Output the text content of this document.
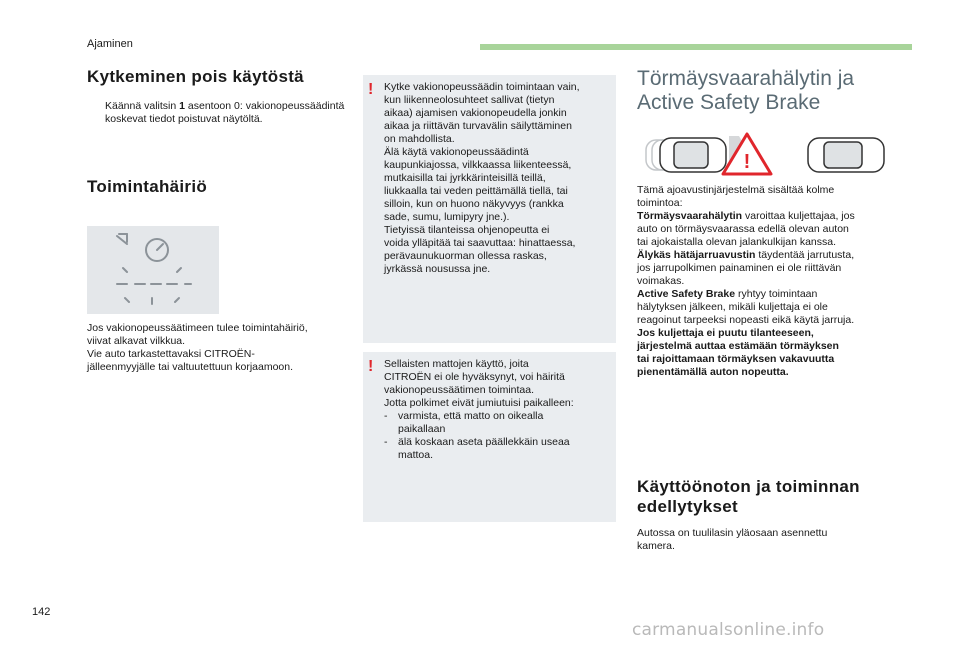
Ajaminen
Kytkeminen pois käytöstä
Käännä valitsin 1 asentoon 0: vakionopeussäädintä koskevat tiedot poistuvat näytöltä.
Toimintahäiriö
Jos vakionopeussäätimeen tulee toimintahäiriö,
viivat alkavat vilkkua.
Vie auto tarkastettavaksi CITROËN-
jälleenmyyjälle tai valtuutettuun korjaamoon.
! Kytke vakionopeussäädin toimintaan vain,
kun liikenneolosuhteet sallivat (tietyn
aikaa) ajamisen vakionopeudella jonkin
aikaa ja riittävän turvavälin säilyttäminen
on mahdollista.
Älä käytä vakionopeussäädintä
kaupunkiajossa, vilkkaassa liikenteessä,
mutkaisilla tai jyrkkärinteisillä teillä,
liukkaalla tai veden peittämällä tiellä, tai
silloin, kun on huono näkyvyys (rankka
sade, sumu, lumipyry jne.).
Tietyissä tilanteissa ohjenopeutta ei
voida ylläpitää tai saavuttaa: hinattaessa,
perävaunukuorman ollessa raskas,
jyrkässä nousussa jne.
! Sellaisten mattojen käyttö, joita
CITROËN ei ole hyväksynyt, voi häiritä
vakionopeussäätimen toimintaa.
Jotta polkimet eivät jumiutuisi paikalleen:
-	varmista, että matto on oikealla
paikallaan
-	älä koskaan aseta päällekkäin useaa
mattoa.
Törmäysvaarahälytin ja
Active Safety Brake
!
Tämä ajoavustinjärjestelmä sisältää kolme
toimintoa:
Törmäysvaarahälytin varoittaa kuljettajaa, jos
auto on törmäysvaarassa edellä olevan auton
tai ajokaistalla olevan jalankulkijan kanssa.
Älykäs hätäjarruavustin täydentää jarrutusta,
jos jarrupolkimen painaminen ei ole riittävän
voimakas.
Active Safety Brake ryhtyy toimintaan
hälytyksen jälkeen, mikäli kuljettaja ei ole
reagoinut tarpeeksi nopeasti eikä käytä jarruja.
Jos kuljettaja ei puutu tilanteeseen,
järjestelmä auttaa estämään törmäyksen
tai rajoittamaan törmäyksen vakavuutta
pienentämällä auton nopeutta.
Käyttöönoton ja toiminnan
edellytykset
Autossa on tuulilasin yläosaan asennettu
kamera.
142
carmanualsonline.info
